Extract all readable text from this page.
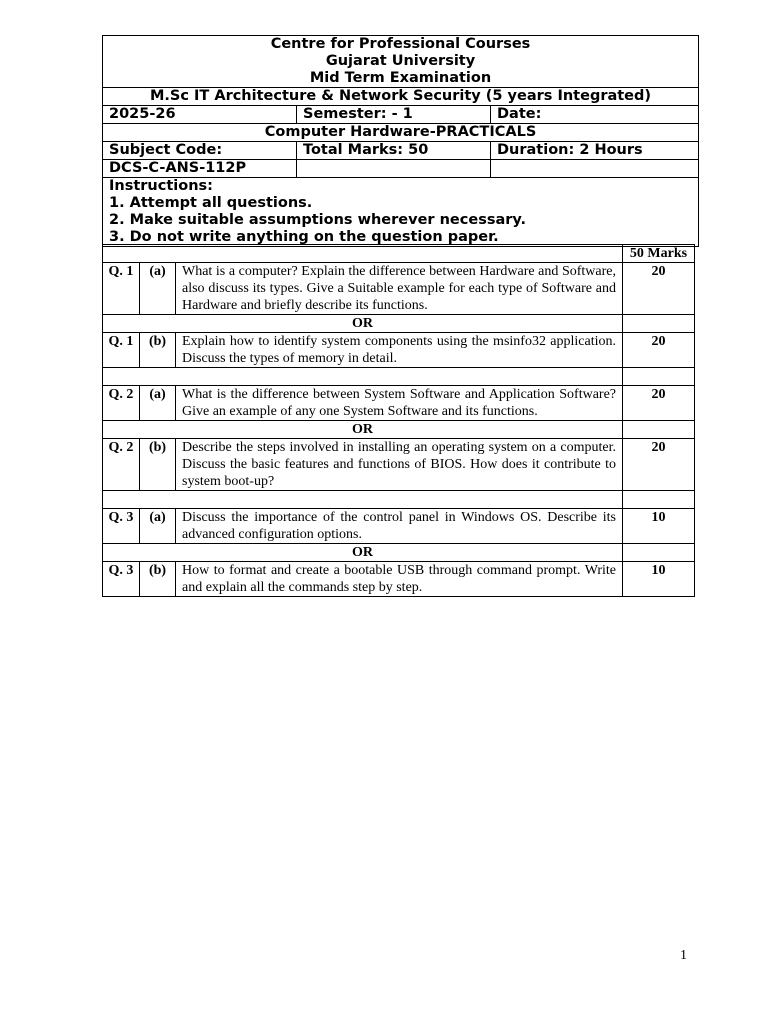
Centre for Professional Courses
Gujarat University
Mid Term Examination		

M.Sc IT Architecture & Network Security (5 years Integrated)		
2025-26	Semester: - 1	Date:
Computer Hardware-PRACTICALS		
Subject Code:	Total Marks: 50	Duration: 2 Hours
DCS-C-ANS-112P		

Instructions:
1. Attempt all questions.
2. Make suitable assumptions wherever necessary.
3. Do not write anything on the question paper.		
			50 Marks
Q. 1	(a)	What is a computer? Explain the difference between Hardware and Software, also discuss its types. Give a Suitable example for each type of Software and Hardware and briefly describe its functions.	20
OR			
Q. 1	(b)	Explain how to identify system components using the msinfo32 application. Discuss the types of memory in detail.	20

Q. 2	(a)	What is the difference between System Software and Application Software? Give an example of any one System Software and its functions.	20
OR			
Q. 2	(b)	Describe the steps involved in installing an operating system on a computer. Discuss the basic features and functions of BIOS. How does it contribute to system boot-up?	20

Q. 3	(a)	Discuss the importance of the control panel in Windows OS. Describe its advanced configuration options.	10
OR			
Q. 3	(b)	How to format and create a bootable USB through command prompt. Write and explain all the commands step by step.	10
1
